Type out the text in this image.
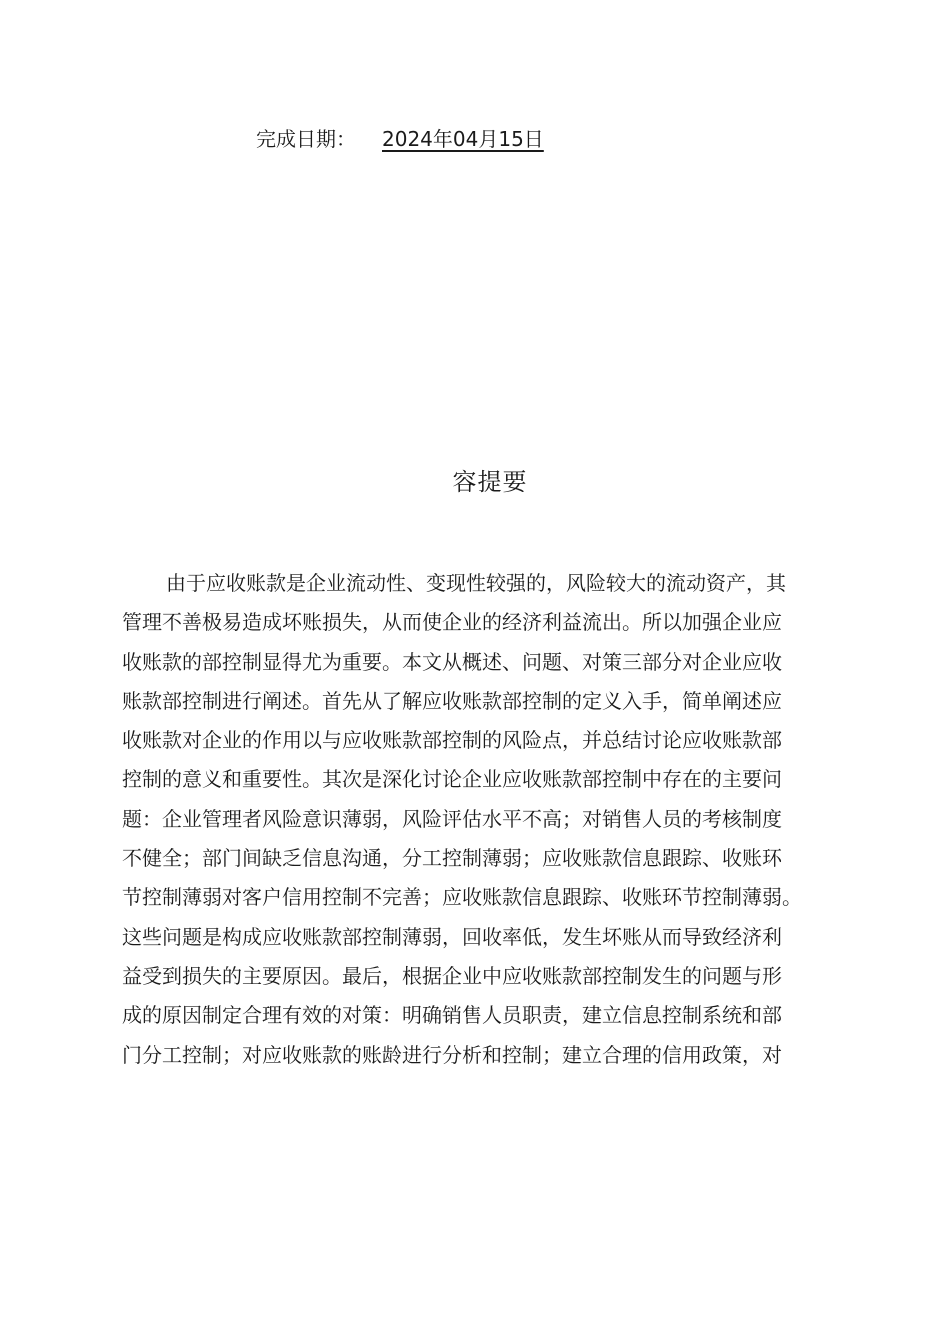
完成日期： 2024年04月15日
容提要
由于应收账款是企业流动性、变现性较强的，风险较大的流动资产，其
管理不善极易造成坏账损失，从而使企业的经济利益流出。所以加强企业应
收账款的部控制显得尤为重要。本文从概述、问题、对策三部分对企业应收
账款部控制进行阐述。首先从了解应收账款部控制的定义入手，简单阐述应
收账款对企业的作用以与应收账款部控制的风险点，并总结讨论应收账款部
控制的意义和重要性。其次是深化讨论企业应收账款部控制中存在的主要问
题：企业管理者风险意识薄弱，风险评估水平不高；对销售人员的考核制度
不健全；部门间缺乏信息沟通，分工控制薄弱；应收账款信息跟踪、收账环
节控制薄弱对客户信用控制不完善；应收账款信息跟踪、收账环节控制薄弱。
这些问题是构成应收账款部控制薄弱，回收率低，发生坏账从而导致经济利
益受到损失的主要原因。最后，根据企业中应收账款部控制发生的问题与形
成的原因制定合理有效的对策：明确销售人员职责，建立信息控制系统和部
门分工控制；对应收账款的账龄进行分析和控制；建立合理的信用政策，对
